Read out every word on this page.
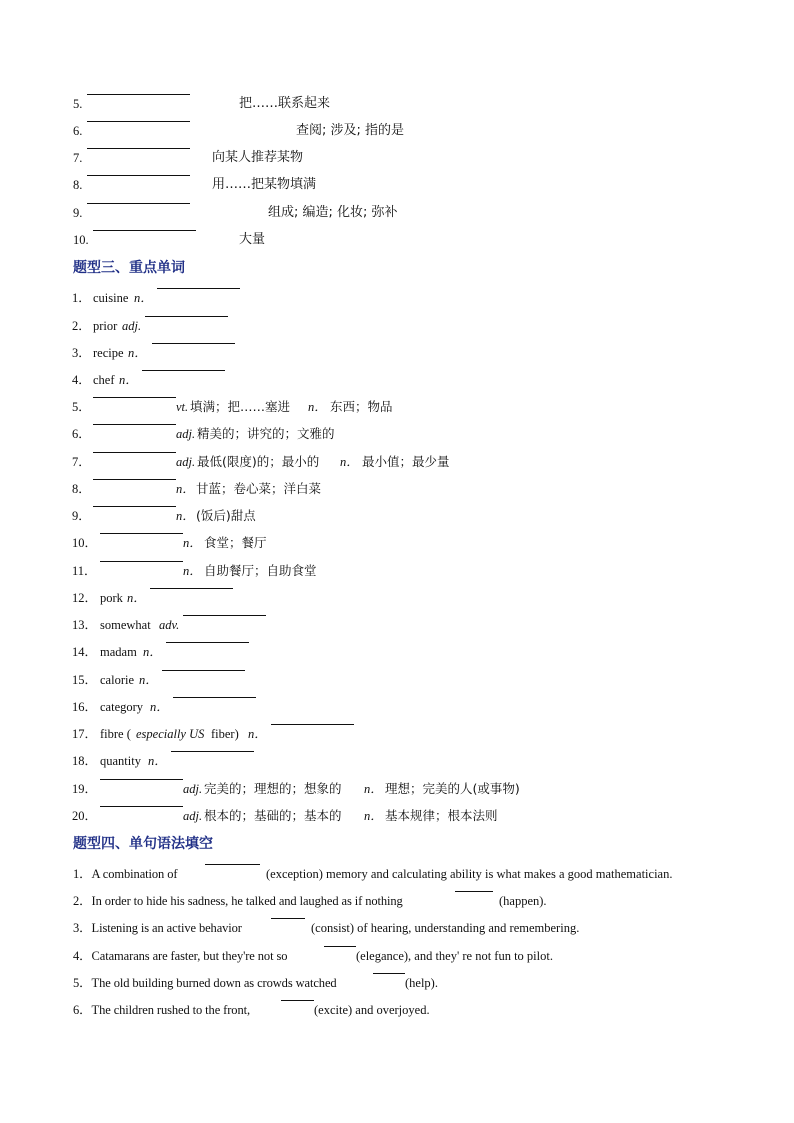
5.	把……联系起来
6.	查阅; 涉及; 指的是
7.	向某人推荐某物
8.	用……把某物填满
9.	组成; 编造; 化妆; 弥补
10.	大量
题型三、重点单词
1． cuisine n．
2． prior adj.
3． recipe n．
4． chef n．
5．	vt. 填满；把……塞进 n． 东西；物品
6．	adj. 精美的；讲究的；文雅的
7．	adj. 最低(限度)的；最小的 n． 最小值；最少量
8．	n． 甘蓝；卷心菜；洋白菜
9．	n． (饭后)甜点
10．	n． 食堂；餐厅
11．	n． 自助餐厅；自助食堂
12． pork n．
13． somewhat adv.
14． madam n．
15． calorie n．
16． category n．
17． fibre ( especially US fiber) n．
18． quantity n．
19．	adj. 完美的；理想的；想象的 n． 理想；完美的人(或事物)
20．	adj. 根本的；基础的；基本的 n． 基本规律；根本法则
题型四、单句语法填空
1．A combination of	(exception) memory and calculating ability is what makes a good mathematician.
2．In order to hide his sadness, he talked and laughed as if nothing	(happen).
3．Listening is an active behavior	(consist) of hearing, understanding and remembering.
4．Catamarans are faster, but they're not so	(elegance), and they' re not fun to pilot.
5．The old building burned down as crowds watched	(help).
6．The children rushed to the front,	(excite) and overjoyed.
